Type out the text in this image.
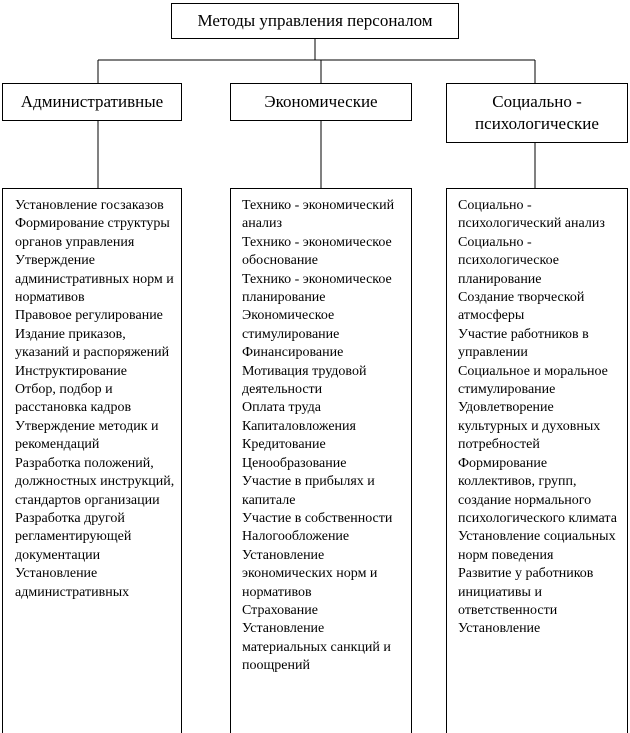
Методы управления персоналом
Административные	Экономические	Социально - психологические
Установление госзаказов
Формирование структуры органов управления
Утверждение административных норм и нормативов
Правовое регулирование
Издание приказов, указаний и распоряжений
Инструктирование
Отбор, подбор и расстановка кадров
Утверждение методик и рекомендаций
Разработка положений, должностных инструкций, стандартов организации
Разработка другой регламентирующей документации
Установление административных
Технико - экономический анализ
Технико - экономическое обоснование
Технико - экономическое планирование
Экономическое стимулирование
Финансирование
Мотивация трудовой деятельности
Оплата труда
Капиталовложения
Кредитование
Ценообразование
Участие в прибылях и капитале
Участие в собственности
Налогообложение
Установление экономических норм и нормативов
Страхование
Установление материальных санкций и поощрений
Социально - психологический анализ
Социально - психологическое планирование
Создание творческой атмосферы
Участие работников в управлении
Социальное и моральное стимулирование
Удовлетворение культурных и духовных потребностей
Формирование коллективов, групп, создание нормального психологического климата
Установление социальных норм поведения
Развитие у работников инициативы и ответственности
Установление
